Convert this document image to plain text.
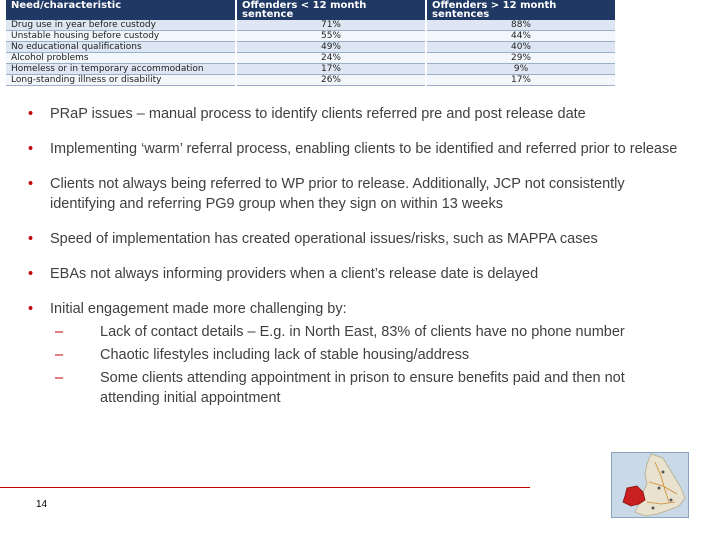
Need/characteristic	Offenders < 12 month sentence	Offenders > 12 month sentences
Drug use in year before custody	71%	88%
Unstable housing before custody	55%	44%
No educational qualifications	49%	40%
Alcohol problems	24%	29%
Homeless or in temporary accommodation	17%	9%
Long-standing illness or disability	26%	17%
• PRaP issues – manual process to identify clients referred pre and post release date
• Implementing ‘warm’ referral process, enabling clients to be identified and referred prior to release
• Clients not always being referred to WP prior to release. Additionally, JCP not consistently identifying and referring PG9 group when they sign on within 13 weeks
• Speed of implementation has created operational issues/risks, such as MAPPA cases
• EBAs not always informing providers when a client’s release date is delayed
• Initial engagement made more challenging by:
– Lack of contact details – E.g. in North East, 83% of clients have no phone number
– Chaotic lifestyles including lack of stable housing/address
– Some clients attending appointment in prison to ensure benefits paid and then not attending initial appointment
14
